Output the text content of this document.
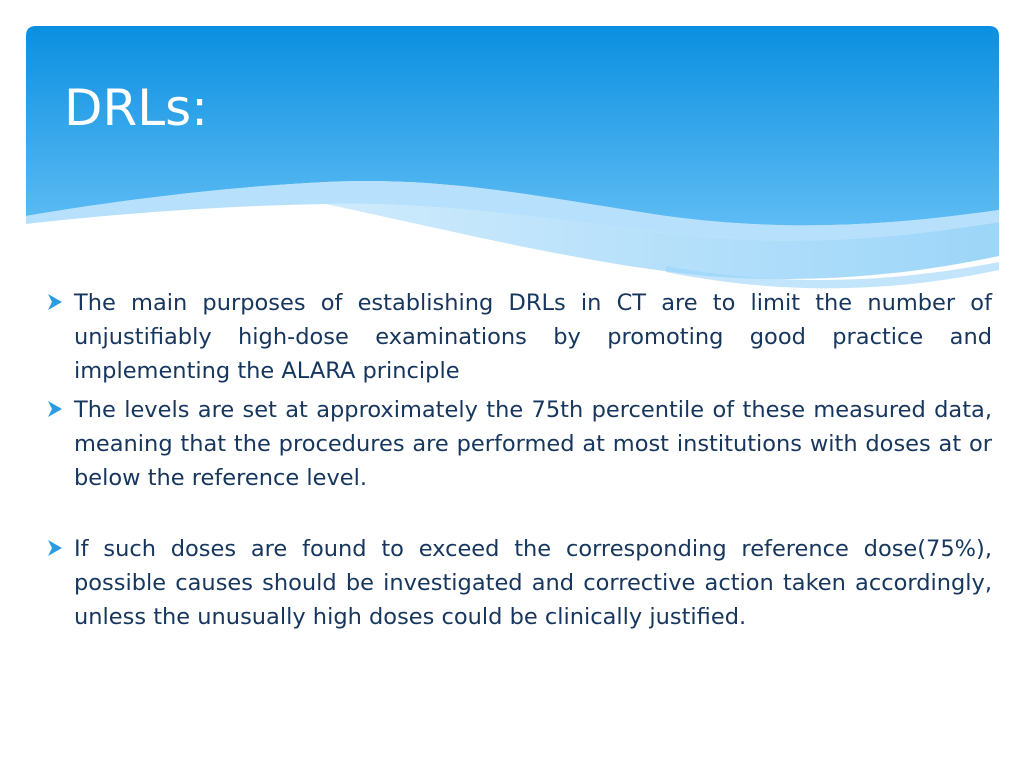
DRLs:
The main purposes of establishing DRLs in CT are to limit the number of unjustifiably high-dose examinations by promoting good practice and implementing the ALARA principle
The levels are set at approximately the 75th percentile of these measured data, meaning that the procedures are performed at most institutions with doses at or below the reference level.
If such doses are found to exceed the corresponding reference dose(75%), possible causes should be investigated and corrective action taken accordingly, unless the unusually high doses could be clinically justified.
